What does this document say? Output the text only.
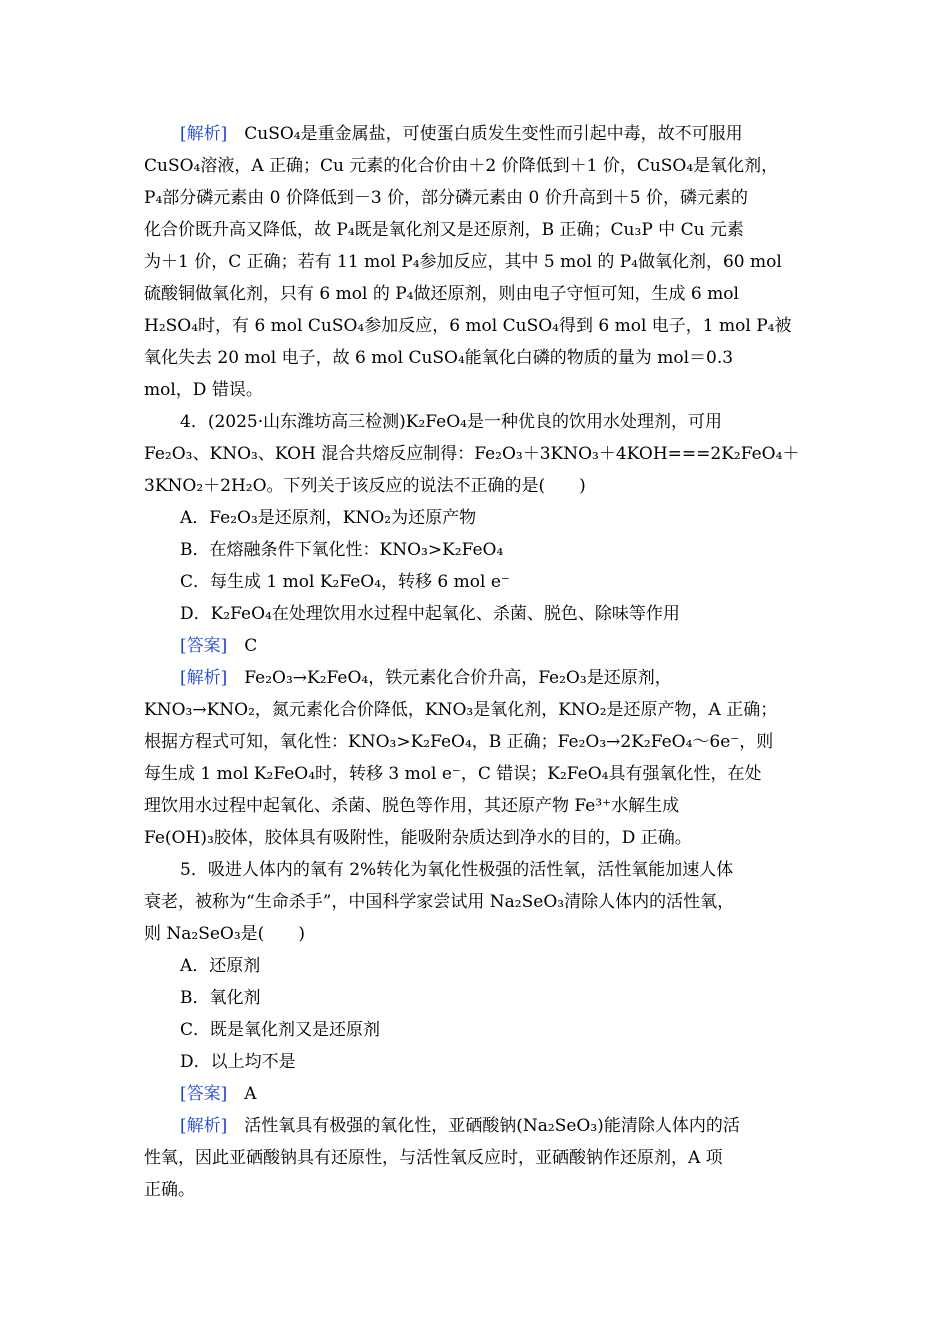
[解析]　 CuSO₄是重金属盐，可使蛋白质发生变性而引起中毒，故不可服用

CuSO₄溶液，A 正确；Cu 元素的化合价由＋2 价降低到＋1 价，CuSO₄是氧化剂，

P₄部分磷元素由 0 价降低到－3 价，部分磷元素由 0 价升高到＋5 价，磷元素的

化合价既升高又降低，故 P₄既是氧化剂又是还原剂，B 正确；Cu₃P 中 Cu 元素

为＋1 价，C 正确；若有 11 mol P₄参加反应，其中 5 mol 的 P₄做氧化剂，60 mol

硫酸铜做氧化剂，只有 6 mol 的 P₄做还原剂，则由电子守恒可知，生成 6 mol

H₂SO₄时，有 6 mol CuSO₄参加反应，6 mol CuSO₄得到 6 mol 电子，1 mol P₄被

氧化失去 20 mol 电子，故 6 mol CuSO₄能氧化白磷的物质的量为 mol＝0.3

mol，D 错误。

4．(2025·山东潍坊高三检测)K₂FeO₄是一种优良的饮用水处理剂，可用

Fe₂O₃、KNO₃、KOH 混合共熔反应制得：Fe₂O₃＋3KNO₃＋4KOH===2K₂FeO₄＋

3KNO₂＋2H₂O。下列关于该反应的说法不正确的是(　　)

A．Fe₂O₃是还原剂，KNO₂为还原产物

B．在熔融条件下氧化性：KNO₃>K₂FeO₄

C．每生成 1 mol K₂FeO₄，转移 6 mol e⁻

D．K₂FeO₄在处理饮用水过程中起氧化、杀菌、脱色、除味等作用

[答案]　 C

[解析]　 Fe₂O₃→K₂FeO₄，铁元素化合价升高，Fe₂O₃是还原剂，

KNO₃→KNO₂，氮元素化合价降低，KNO₃是氧化剂，KNO₂是还原产物，A 正确；

根据方程式可知，氧化性：KNO₃>K₂FeO₄，B 正确；Fe₂O₃→2K₂FeO₄～6e⁻，则

每生成 1 mol K₂FeO₄时，转移 3 mol e⁻，C 错误；K₂FeO₄具有强氧化性，在处

理饮用水过程中起氧化、杀菌、脱色等作用，其还原产物 Fe³⁺水解生成

Fe(OH)₃胶体，胶体具有吸附性，能吸附杂质达到净水的目的，D 正确。

5．吸进人体内的氧有 2%转化为氧化性极强的活性氧，活性氧能加速人体

衰老，被称为“生命杀手”，中国科学家尝试用 Na₂SeO₃清除人体内的活性氧，

则 Na₂SeO₃是(　　)

A．还原剂

B．氧化剂

C．既是氧化剂又是还原剂

D．以上均不是

[答案]　 A

[解析]　 活性氧具有极强的氧化性，亚硒酸钠(Na₂SeO₃)能清除人体内的活

性氧，因此亚硒酸钠具有还原性，与活性氧反应时，亚硒酸钠作还原剂，A 项

正确。
